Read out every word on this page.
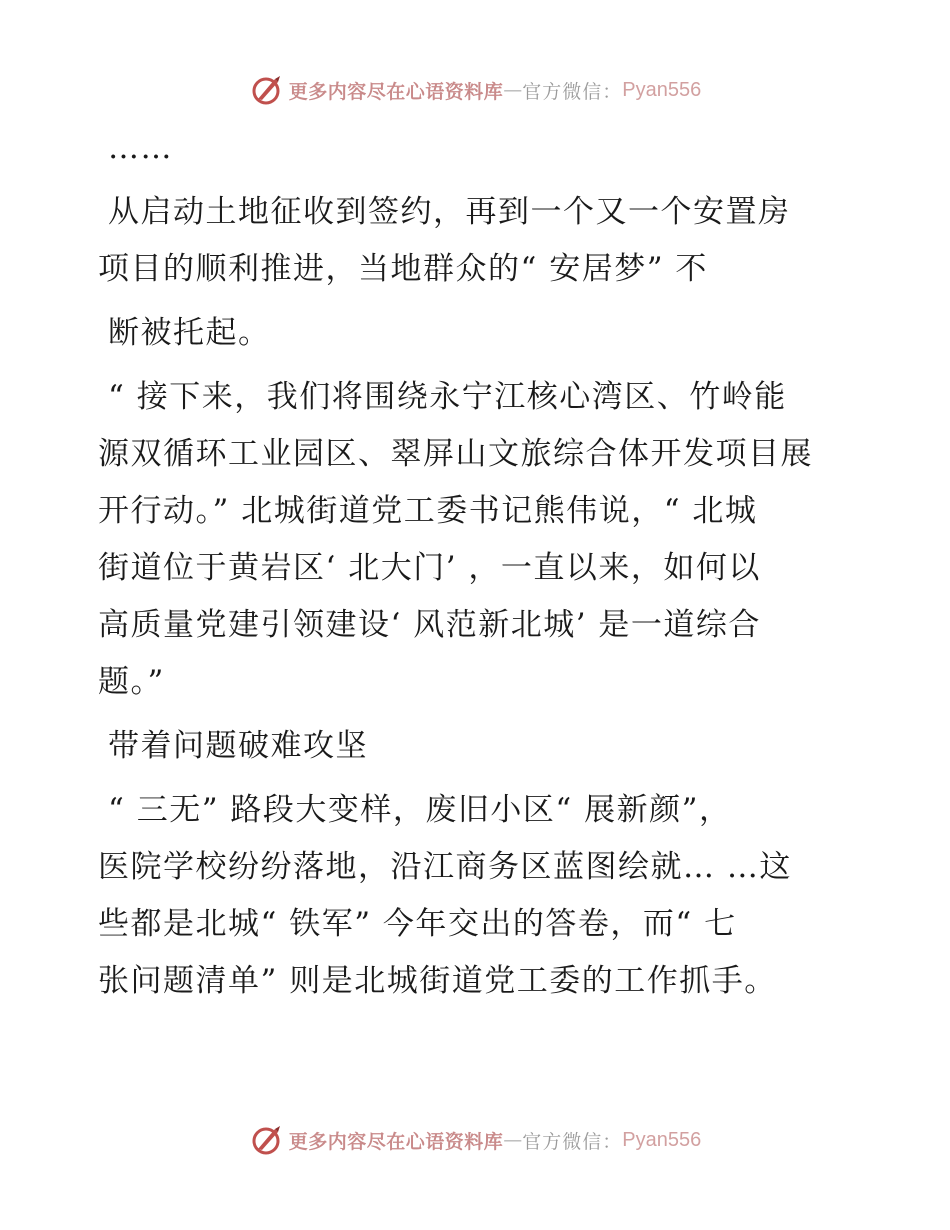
更多内容尽在心语资料库 — 官方微信： Pyan556
……
从启动土地征收到签约，再到一个又一个安置房
项目的顺利推进，当地群众的“ 安居梦” 不
断被托起。
“ 接下来，我们将围绕永宁江核心湾区、竹岭能
源双循环工业园区、翠屏山文旅综合体开发项目展
开行动。” 北城街道党工委书记熊伟说，“ 北城
街道位于黄岩区‘ 北大门’ ，一直以来，如何以
高质量党建引领建设‘ 风范新北城’ 是一道综合
题。”
带着问题破难攻坚
“ 三无” 路段大变样，废旧小区“ 展新颜”，
医院学校纷纷落地，沿江商务区蓝图绘就… …这
些都是北城“ 铁军” 今年交出的答卷，而“ 七
张问题清单” 则是北城街道党工委的工作抓手。
更多内容尽在心语资料库 — 官方微信： Pyan556
